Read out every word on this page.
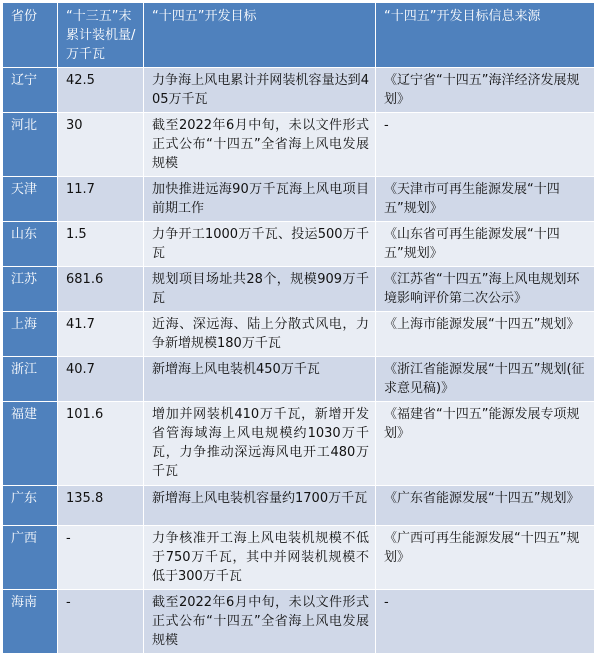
省份	“十三五”末累计装机量/万千瓦	“十四五”开发目标	“十四五”开发目标信息来源
辽宁	42.5	力争海上风电累计并网装机容量达到405万千瓦	《辽宁省“十四五”海洋经济发展规划》
河北	30	截至2022年6月中旬，未以文件形式正式公布“十四五”全省海上风电发展规模	-
天津	11.7	加快推进远海90万千瓦海上风电项目前期工作	《天津市可再生能源发展“十四五”规划》
山东	1.5	力争开工1000万千瓦、投运500万千瓦	《山东省可再生能源发展“十四五”规划》
江苏	681.6	规划项目场址共28个，规模909万千瓦	《江苏省“十四五”海上风电规划环境影响评价第二次公示》
上海	41.7	近海、深远海、陆上分散式风电，力争新增规模180万千瓦	《上海市能源发展“十四五”规划》
浙江	40.7	新增海上风电装机450万千瓦	《浙江省能源发展“十四五”规划(征求意见稿)》
福建	101.6	增加并网装机410万千瓦，新增开发省管海域海上风电规模约1030万千瓦，力争推动深远海风电开工480万千瓦	《福建省“十四五”能源发展专项规划》
广东	135.8	新增海上风电装机容量约1700万千瓦	《广东省能源发展“十四五”规划》
广西	-	力争核准开工海上风电装机规模不低于750万千瓦，其中并网装机规模不低于300万千瓦	《广西可再生能源发展“十四五”规划》
海南	-	截至2022年6月中旬，未以文件形式正式公布“十四五”全省海上风电发展规模	-
